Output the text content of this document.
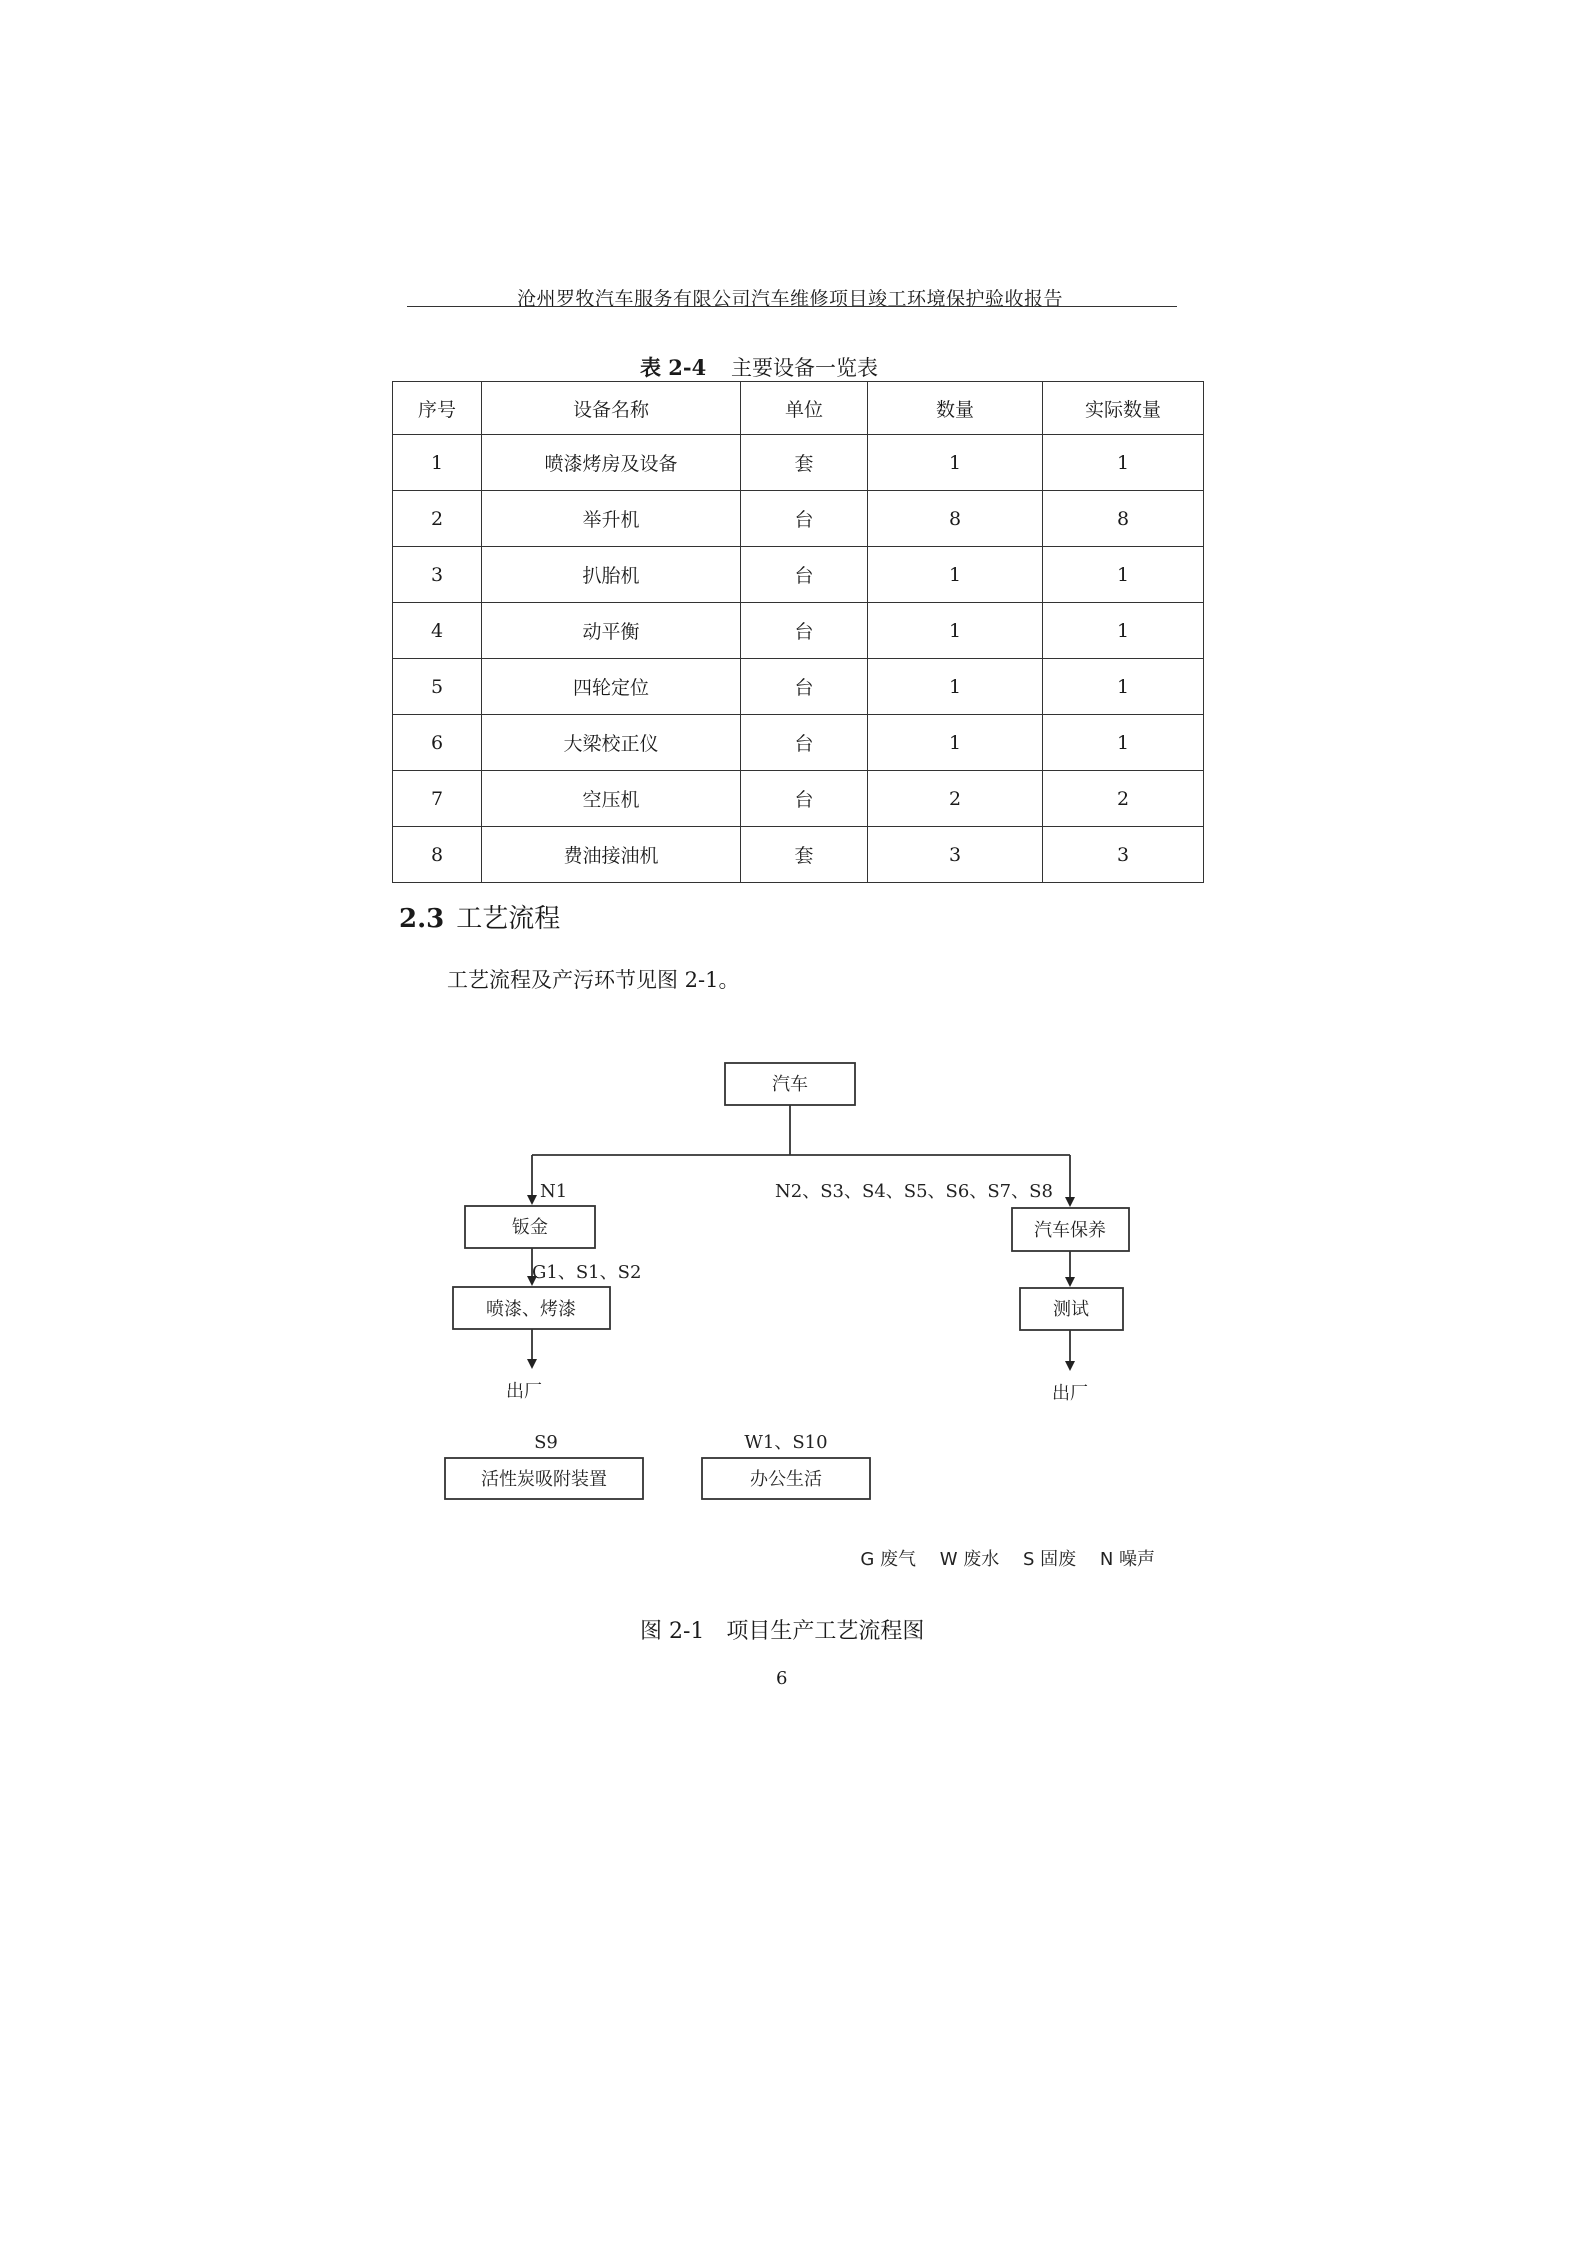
沧州罗牧汽车服务有限公司汽车维修项目竣工环境保护验收报告
表 2-4 主要设备一览表
序号	设备名称	单位	数量	实际数量
1	喷漆烤房及设备	套	1	1
2	举升机	台	8	8
3	扒胎机	台	1	1
4	动平衡	台	1	1
5	四轮定位	台	1	1
6	大梁校正仪	台	1	1
7	空压机	台	2	2
8	费油接油机	套	3	3
2.3 工艺流程
工艺流程及产污环节见图 2-1。
汽车
钣金
喷漆、烤漆
汽车保养
测试
出厂	出厂
活性炭吸附装置	办公生活
N1	N2、S3、S4、S5、S6、S7、S8
G1、S1、S2
S9	W1、S10
G 废气　 W 废水　 S 固废　 N 噪声
图 2-1　项目生产工艺流程图
6
